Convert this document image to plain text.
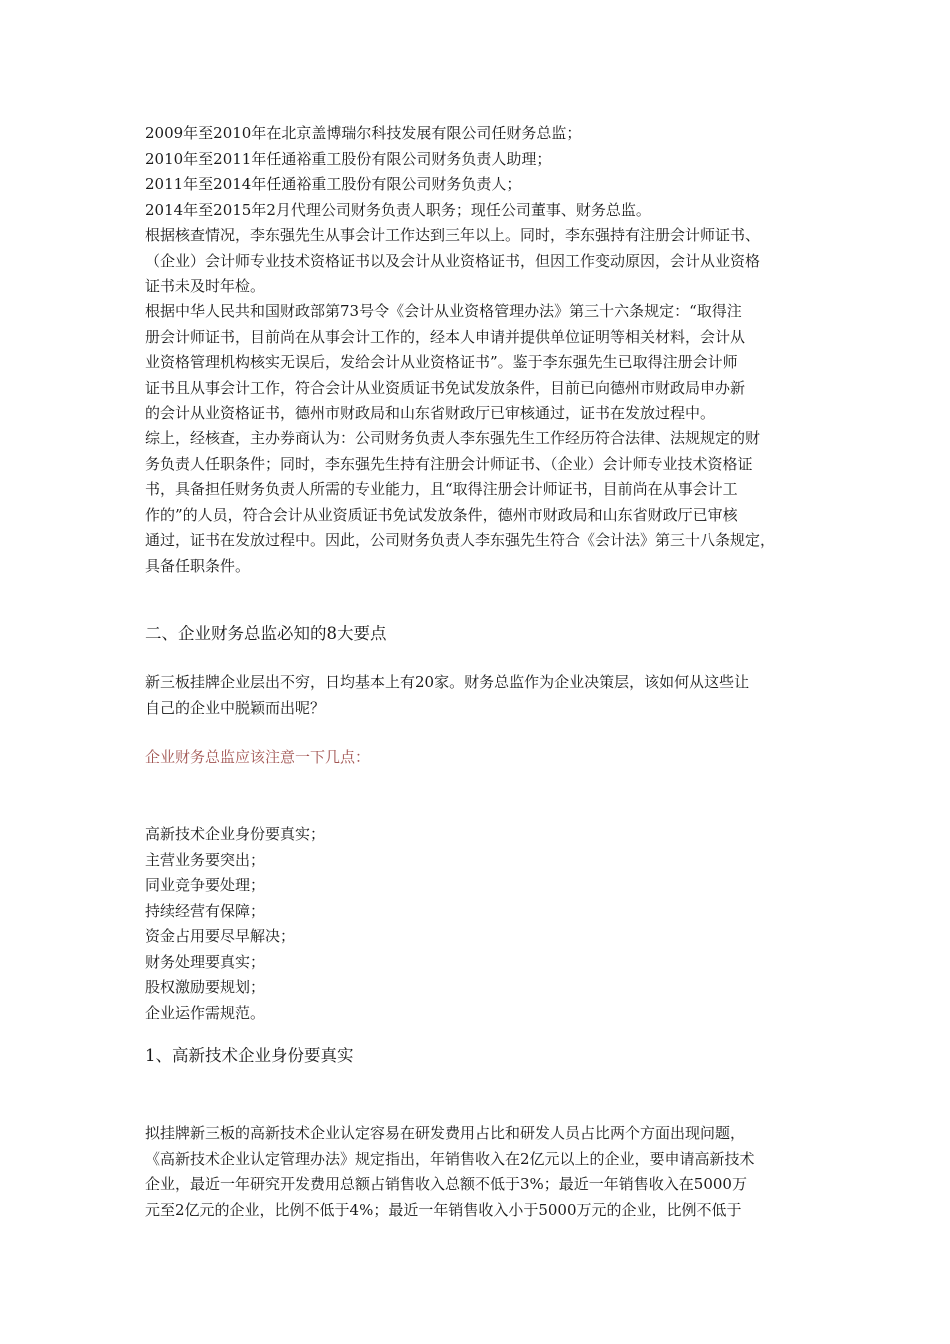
2009年至2010年在北京盖博瑞尔科技发展有限公司任财务总监；
2010年至2011年任通裕重工股份有限公司财务负责人助理；
2011年至2014年任通裕重工股份有限公司财务负责人；
2014年至2015年2月代理公司财务负责人职务；现任公司董事、财务总监。
根据核查情况，李东强先生从事会计工作达到三年以上。同时，李东强持有注册会计师证书、
（企业）会计师专业技术资格证书以及会计从业资格证书，但因工作变动原因，会计从业资格
证书未及时年检。
根据中华人民共和国财政部第73号令《会计从业资格管理办法》第三十六条规定：“取得注
册会计师证书，目前尚在从事会计工作的，经本人申请并提供单位证明等相关材料，会计从
业资格管理机构核实无误后，发给会计从业资格证书”。鉴于李东强先生已取得注册会计师
证书且从事会计工作，符合会计从业资质证书免试发放条件，目前已向德州市财政局申办新
的会计从业资格证书，德州市财政局和山东省财政厅已审核通过，证书在发放过程中。
综上，经核查，主办券商认为：公司财务负责人李东强先生工作经历符合法律、法规规定的财
务负责人任职条件；同时，李东强先生持有注册会计师证书、（企业）会计师专业技术资格证
书，具备担任财务负责人所需的专业能力，且“取得注册会计师证书，目前尚在从事会计工
作的”的人员，符合会计从业资质证书免试发放条件，德州市财政局和山东省财政厅已审核
通过，证书在发放过程中。因此，公司财务负责人李东强先生符合《会计法》第三十八条规定，
具备任职条件。
二、企业财务总监必知的8大要点
新三板挂牌企业层出不穷，日均基本上有20家。财务总监作为企业决策层，该如何从这些让
自己的企业中脱颖而出呢？
企业财务总监应该注意一下几点：
高新技术企业身份要真实；
主营业务要突出；
同业竞争要处理；
持续经营有保障；
资金占用要尽早解决；
财务处理要真实；
股权激励要规划；
企业运作需规范。
1、高新技术企业身份要真实
拟挂牌新三板的高新技术企业认定容易在研发费用占比和研发人员占比两个方面出现问题，
《高新技术企业认定管理办法》规定指出，年销售收入在2亿元以上的企业，要申请高新技术
企业，最近一年研究开发费用总额占销售收入总额不低于3%；最近一年销售收入在5000万
元至2亿元的企业，比例不低于4%；最近一年销售收入小于5000万元的企业，比例不低于
